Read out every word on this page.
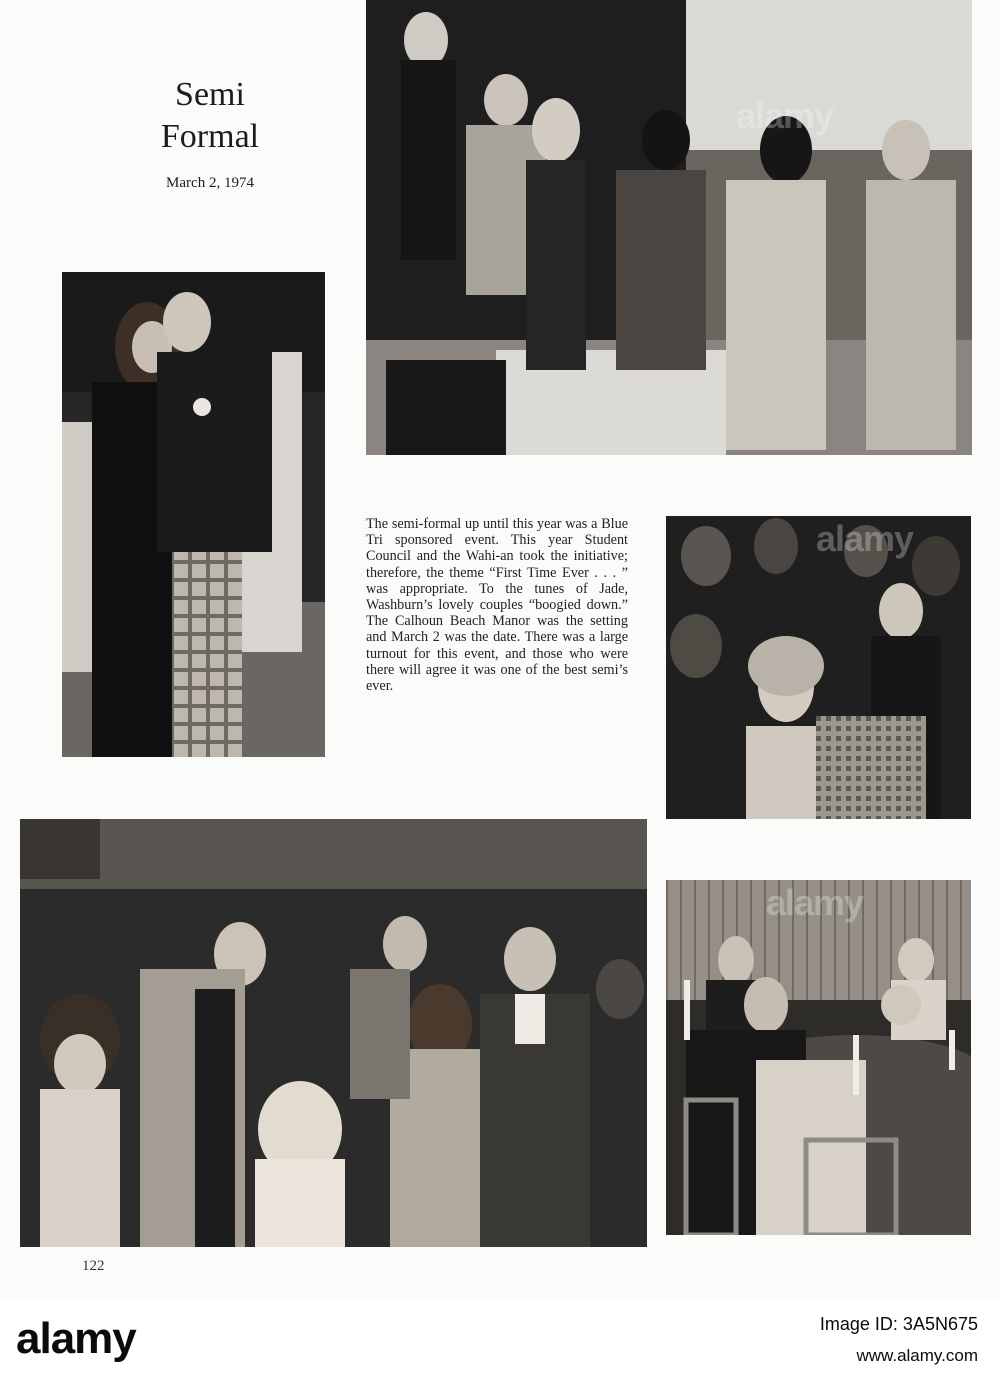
Semi
Formal
March 2, 1974
alamy
The semi-formal up until this year was a Blue Tri sponsored event. This year Student Council and the Wahi-an took the initiative; therefore, the theme “First Time Ever . . . ” was appropriate. To the tunes of Jade, Washburn’s lovely couples “boogied down.” The Calhoun Beach Manor was the setting and March 2 was the date. There was a large turnout for this event, and those who were there will agree it was one of the best semi’s ever.
alamy
alamy
122
alamy	Image ID: 3A5N675
www.alamy.com
